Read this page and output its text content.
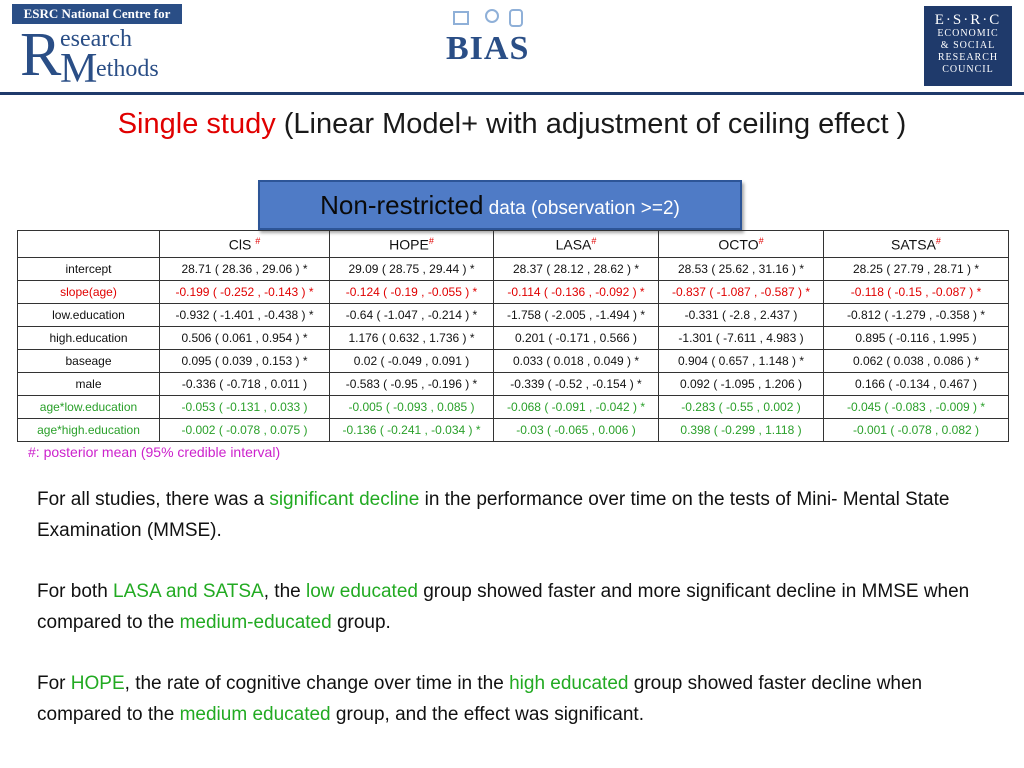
ESRC National Centre for
R
esearch
M
ethods
BIAS
E·S·R·C
ECONOMIC
& SOCIAL
RESEARCH
COUNCIL
Single study (Linear Model+ with adjustment of ceiling effect )
Non-restricted data (observation >=2)
	ClS #	HOPE#	LASA#	OCTO#	SATSA#
intercept	28.71 ( 28.36 , 29.06 ) *	29.09 ( 28.75 , 29.44 ) *	28.37 ( 28.12 , 28.62 ) *	28.53 ( 25.62 , 31.16 ) *	28.25 ( 27.79 , 28.71 ) *
slope(age)	-0.199 ( -0.252 , -0.143 ) *	-0.124 ( -0.19 , -0.055 ) *	-0.114 ( -0.136 , -0.092 ) *	-0.837 ( -1.087 , -0.587 ) *	-0.118 ( -0.15 , -0.087 ) *
low.education	-0.932 ( -1.401 , -0.438 ) *	-0.64 ( -1.047 , -0.214 ) *	-1.758 ( -2.005 , -1.494 ) *	-0.331 ( -2.8 , 2.437 )	-0.812 ( -1.279 , -0.358 ) *
high.education	0.506 ( 0.061 , 0.954 ) *	1.176 ( 0.632 , 1.736 ) *	0.201 ( -0.171 , 0.566 )	-1.301 ( -7.611 , 4.983 )	0.895 ( -0.116 , 1.995 )
baseage	0.095 ( 0.039 , 0.153 ) *	0.02 ( -0.049 , 0.091 )	0.033 ( 0.018 , 0.049 ) *	0.904 ( 0.657 , 1.148 ) *	0.062 ( 0.038 , 0.086 ) *
male	-0.336 ( -0.718 , 0.011 )	-0.583 ( -0.95 , -0.196 ) *	-0.339 ( -0.52 , -0.154 ) *	0.092 ( -1.095 , 1.206 )	0.166 ( -0.134 , 0.467 )
age*low.education	-0.053 ( -0.131 , 0.033 )	-0.005 ( -0.093 , 0.085 )	-0.068 ( -0.091 , -0.042 ) *	-0.283 ( -0.55 , 0.002 )	-0.045 ( -0.083 , -0.009 ) *
age*high.education	-0.002 ( -0.078 , 0.075 )	-0.136 ( -0.241 , -0.034 ) *	-0.03 ( -0.065 , 0.006 )	0.398 ( -0.299 , 1.118 )	-0.001 ( -0.078 , 0.082 )
#: posterior mean (95% credible interval)
For all studies, there was a significant decline in the performance over time on the tests of Mini- Mental State Examination (MMSE).
For both LASA and SATSA, the low educated group showed faster and more significant decline in MMSE when compared to the medium-educated group.
For HOPE, the rate of cognitive change over time in the high educated group showed faster decline when compared to the medium educated group, and the effect was significant.
